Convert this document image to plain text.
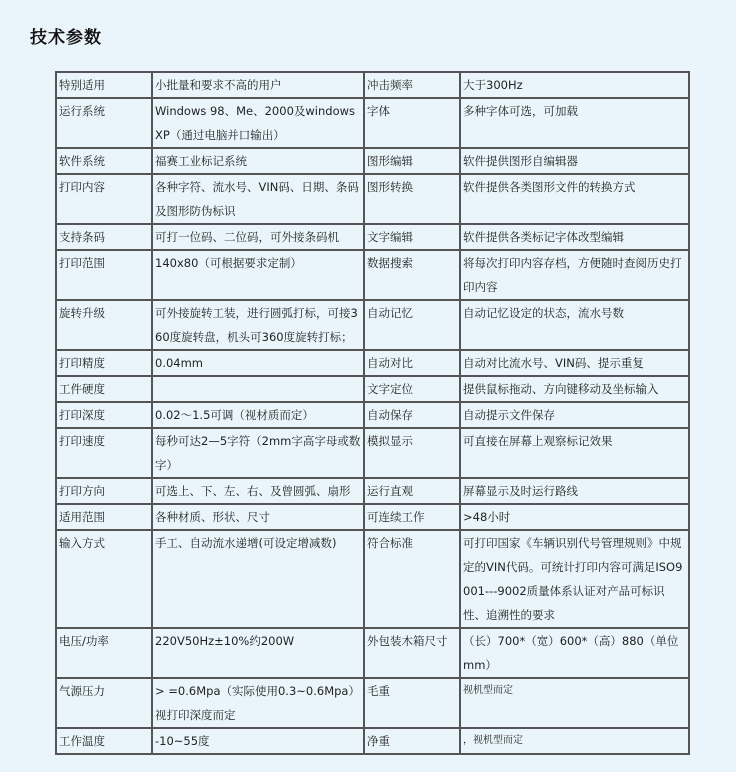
技术参数
特别适用	小批量和要求不高的用户	冲击频率	大于300Hz
运行系统	Windows 98、Me、2000及windowsXP（通过电脑并口输出）	字体	多种字体可选，可加载
软件系统	福赛工业标记系统	图形编辑	软件提供图形自编辑器
打印内容	各种字符、流水号、VIN码、日期、条码及图形防伪标识	图形转换	软件提供各类图形文件的转换方式
支持条码	可打一位码、二位码，可外接条码机	文字编辑	软件提供各类标记字体改型编辑
打印范围	140x80（可根据要求定制）	数据搜索	将每次打印内容存档，方便随时查阅历史打印内容
旋转升级	可外接旋转工装，进行圆弧打标，可接360度旋转盘，机头可360度旋转打标；	自动记忆	自动记忆设定的状态，流水号数
打印精度	0.04mm	自动对比	自动对比流水号、VIN码、提示重复
工件硬度		文字定位	提供鼠标拖动、方向键移动及坐标输入
打印深度	0.02～1.5可调（视材质而定）	自动保存	自动提示文件保存
打印速度	每秒可达2—5字符（2mm字高字母或数字）	模拟显示	可直接在屏幕上观察标记效果
打印方向	可选上、下、左、右、及曾圆弧、扇形	运行直观	屏幕显示及时运行路线
适用范围	各种材质、形状、尺寸	可连续工作	>48小时
输入方式	手工、自动流水递增(可设定增减数)	符合标准	可打印国家《车辆识别代号管理规则》中规定的VIN代码。可统计打印内容可满足ISO9001---9002质量体系认证对产品可标识性、追溯性的要求
电压/功率	220V50Hz±10%约200W	外包装木箱尺寸	（长）700*（宽）600*（高）880（单位mm）
气源压力	> =0.6Mpa（实际使用0.3~0.6Mpa）视打印深度而定	毛重	视机型而定
工作温度	-10~55度	净重	，视机型而定
